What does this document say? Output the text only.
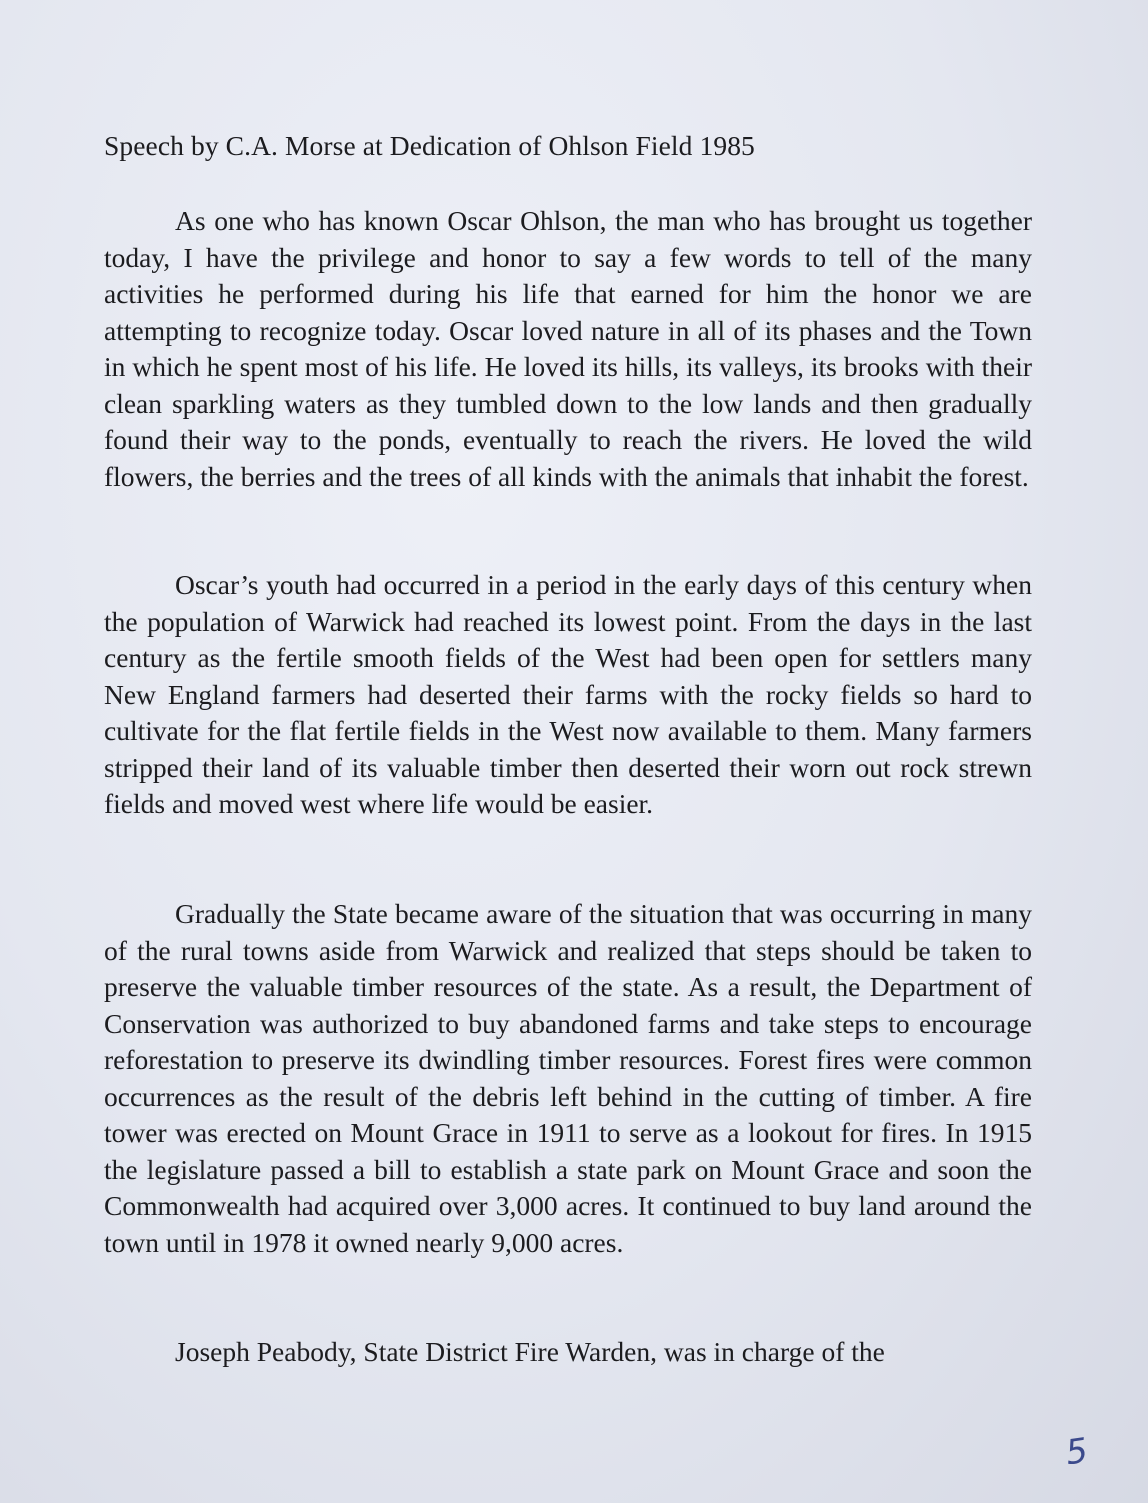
Speech by C.A. Morse at Dedication of Ohlson Field 1985

As one who has known Oscar Ohlson, the man who has brought us together today, I have the privilege and honor to say a few words to tell of the many activities he performed during his life that earned for him the honor we are attempting to recognize today. Oscar loved nature in all of its phases and the Town in which he spent most of his life. He loved its hills, its valleys, its brooks with their clean sparkling waters as they tumbled down to the low lands and then gradually found their way to the ponds, eventually to reach the rivers. He loved the wild flowers, the berries and the trees of all kinds with the animals that inhabit the forest.

Oscar’s youth had occurred in a period in the early days of this century when the population of Warwick had reached its lowest point. From the days in the last century as the fertile smooth fields of the West had been open for settlers many New England farmers had deserted their farms with the rocky fields so hard to cultivate for the flat fertile fields in the West now available to them. Many farmers stripped their land of its valuable timber then deserted their worn out rock strewn fields and moved west where life would be easier.

Gradually the State became aware of the situation that was occurring in many of the rural towns aside from Warwick and realized that steps should be taken to preserve the valuable timber resources of the state. As a result, the Department of Conservation was authorized to buy abandoned farms and take steps to encourage reforestation to preserve its dwindling timber resources. Forest fires were common occurrences as the result of the debris left behind in the cutting of timber. A fire tower was erected on Mount Grace in 1911 to serve as a lookout for fires. In 1915 the legislature passed a bill to establish a state park on Mount Grace and soon the Commonwealth had acquired over 3,000 acres. It continued to buy land around the town until in 1978 it owned nearly 9,000 acres.

Joseph Peabody, State District Fire Warden, was in charge of the

5
